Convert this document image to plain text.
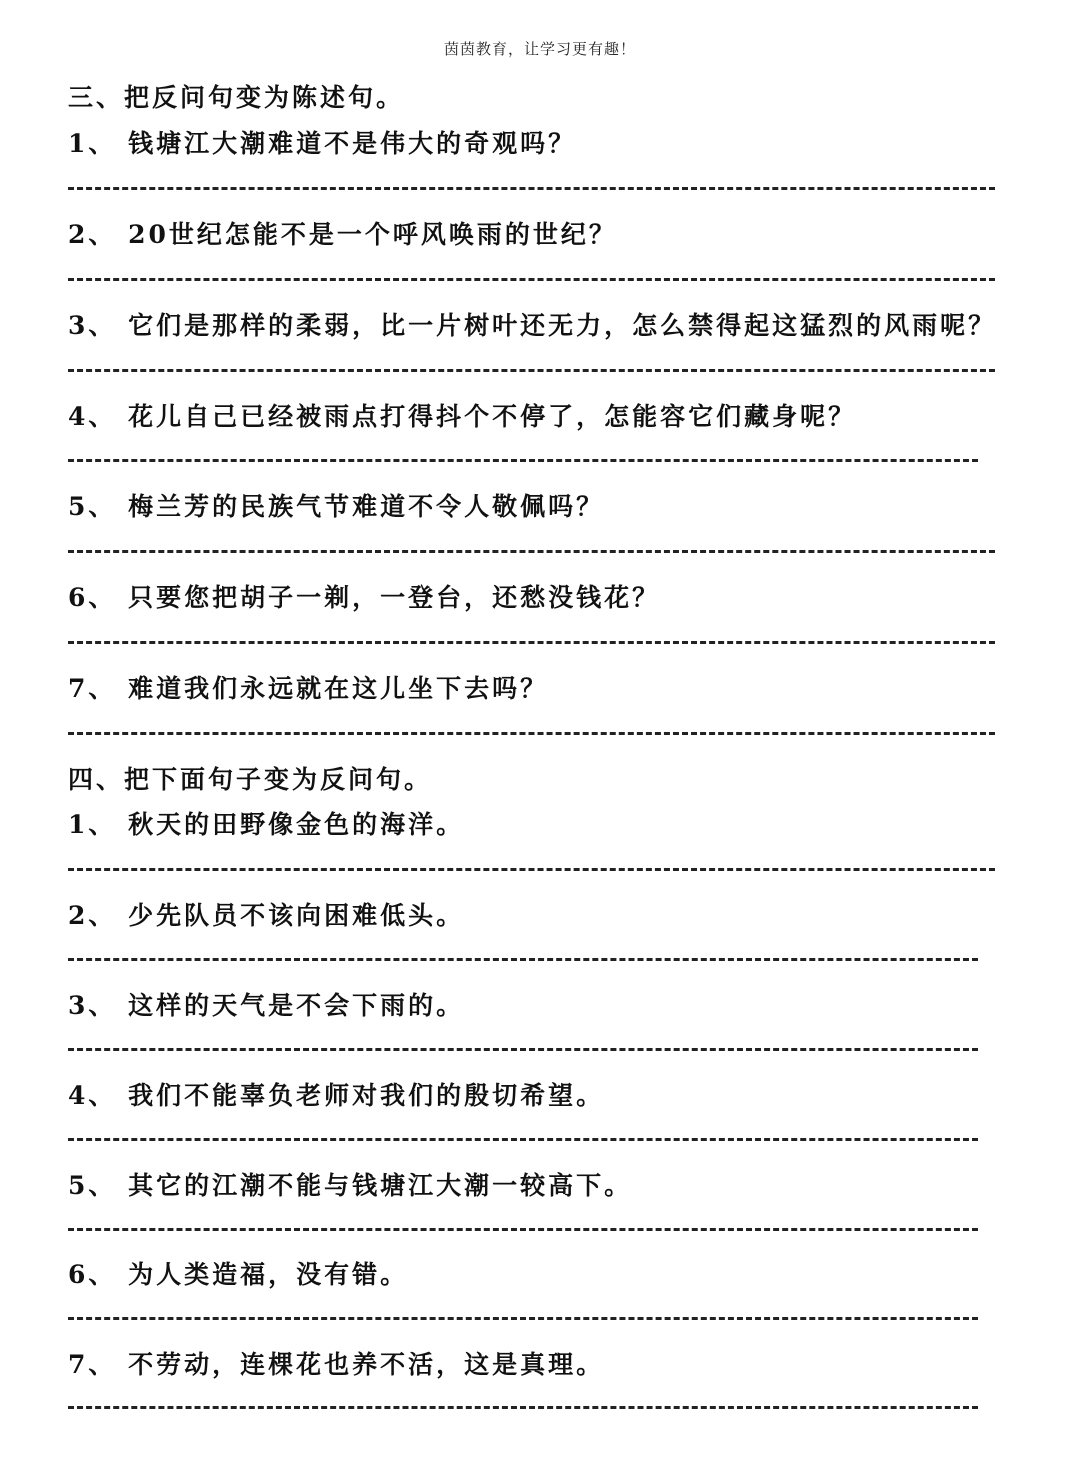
茵茵教育，让学习更有趣！
三、把反问句变为陈述句。
1、 钱塘江大潮难道不是伟大的奇观吗？
2、 20世纪怎能不是一个呼风唤雨的世纪？
3、 它们是那样的柔弱，比一片树叶还无力，怎么禁得起这猛烈的风雨呢？
4、 花儿自己已经被雨点打得抖个不停了，怎能容它们藏身呢？
5、 梅兰芳的民族气节难道不令人敬佩吗？
6、 只要您把胡子一剃，一登台，还愁没钱花？
7、 难道我们永远就在这儿坐下去吗？
四、把下面句子变为反问句。
1、 秋天的田野像金色的海洋。
2、 少先队员不该向困难低头。
3、 这样的天气是不会下雨的。
4、 我们不能辜负老师对我们的殷切希望。
5、 其它的江潮不能与钱塘江大潮一较高下。
6、 为人类造福，没有错。
7、 不劳动，连棵花也养不活，这是真理。
